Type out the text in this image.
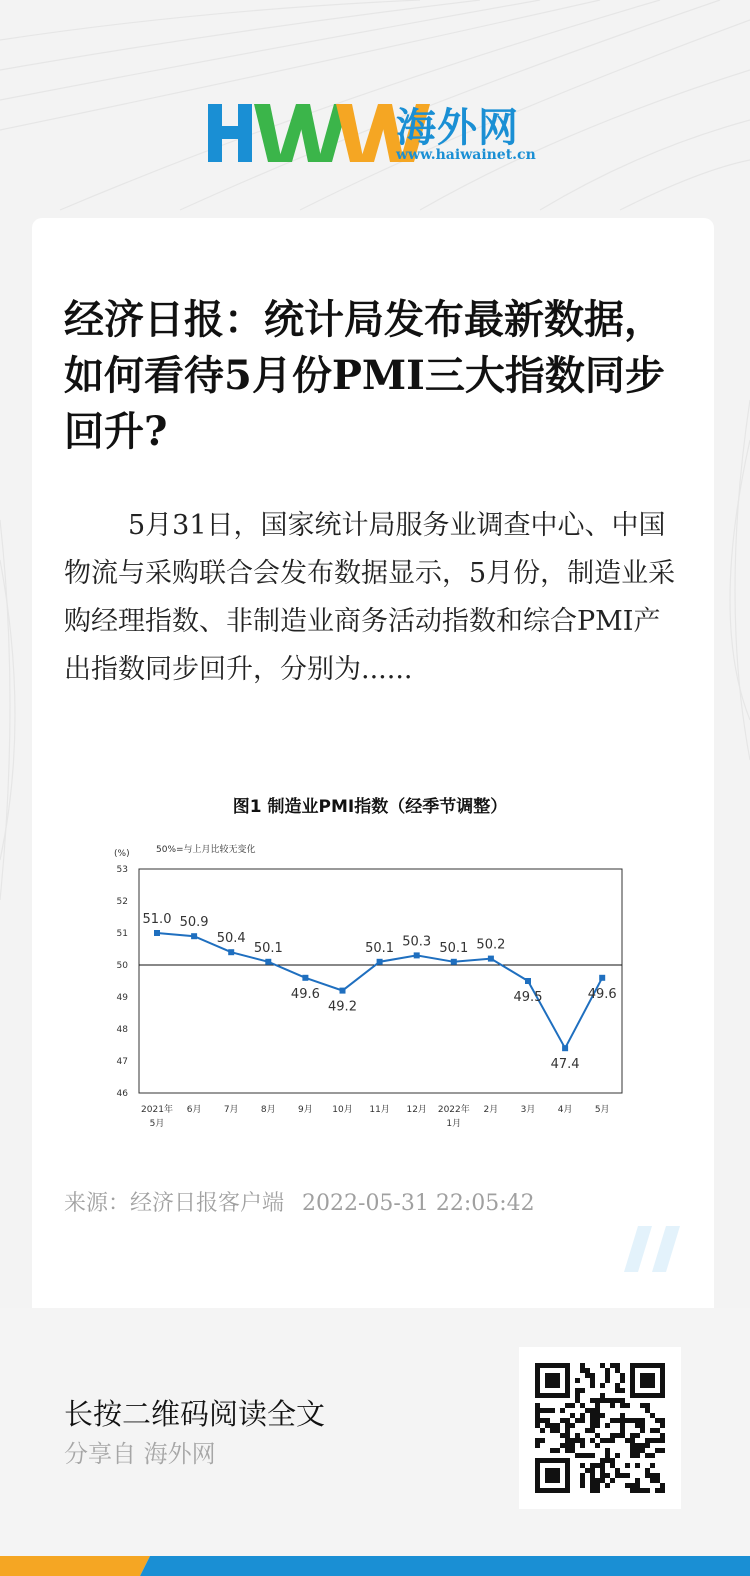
海外网
www.haiwainet.cn
经济日报：统计局发布最新数据，如何看待5月份PMI三大指数同步回升?

5月31日，国家统计局服务业调查中心、中国物流与采购联合会发布数据显示，5月份，制造业采购经理指数、非制造业商务活动指数和综合PMI产出指数同步回升，分别为......

图1 制造业PMI指数（经季节调整）
(%)	50%=与上月比较无变化
46
47
48
49
50
51
52
53
2021年
5月
6月 7月 8月 9月 10月 11月 12月 2022年
1月
2月 3月 4月 5月
51.0 50.9
50.4
50.1
49.6
49.2
50.1 50.3 50.1 50.2
49.5
47.4
49.6
来源：经济日报客户端 2022-05-31 22:05:42
长按二维码阅读全文
分享自 海外网
